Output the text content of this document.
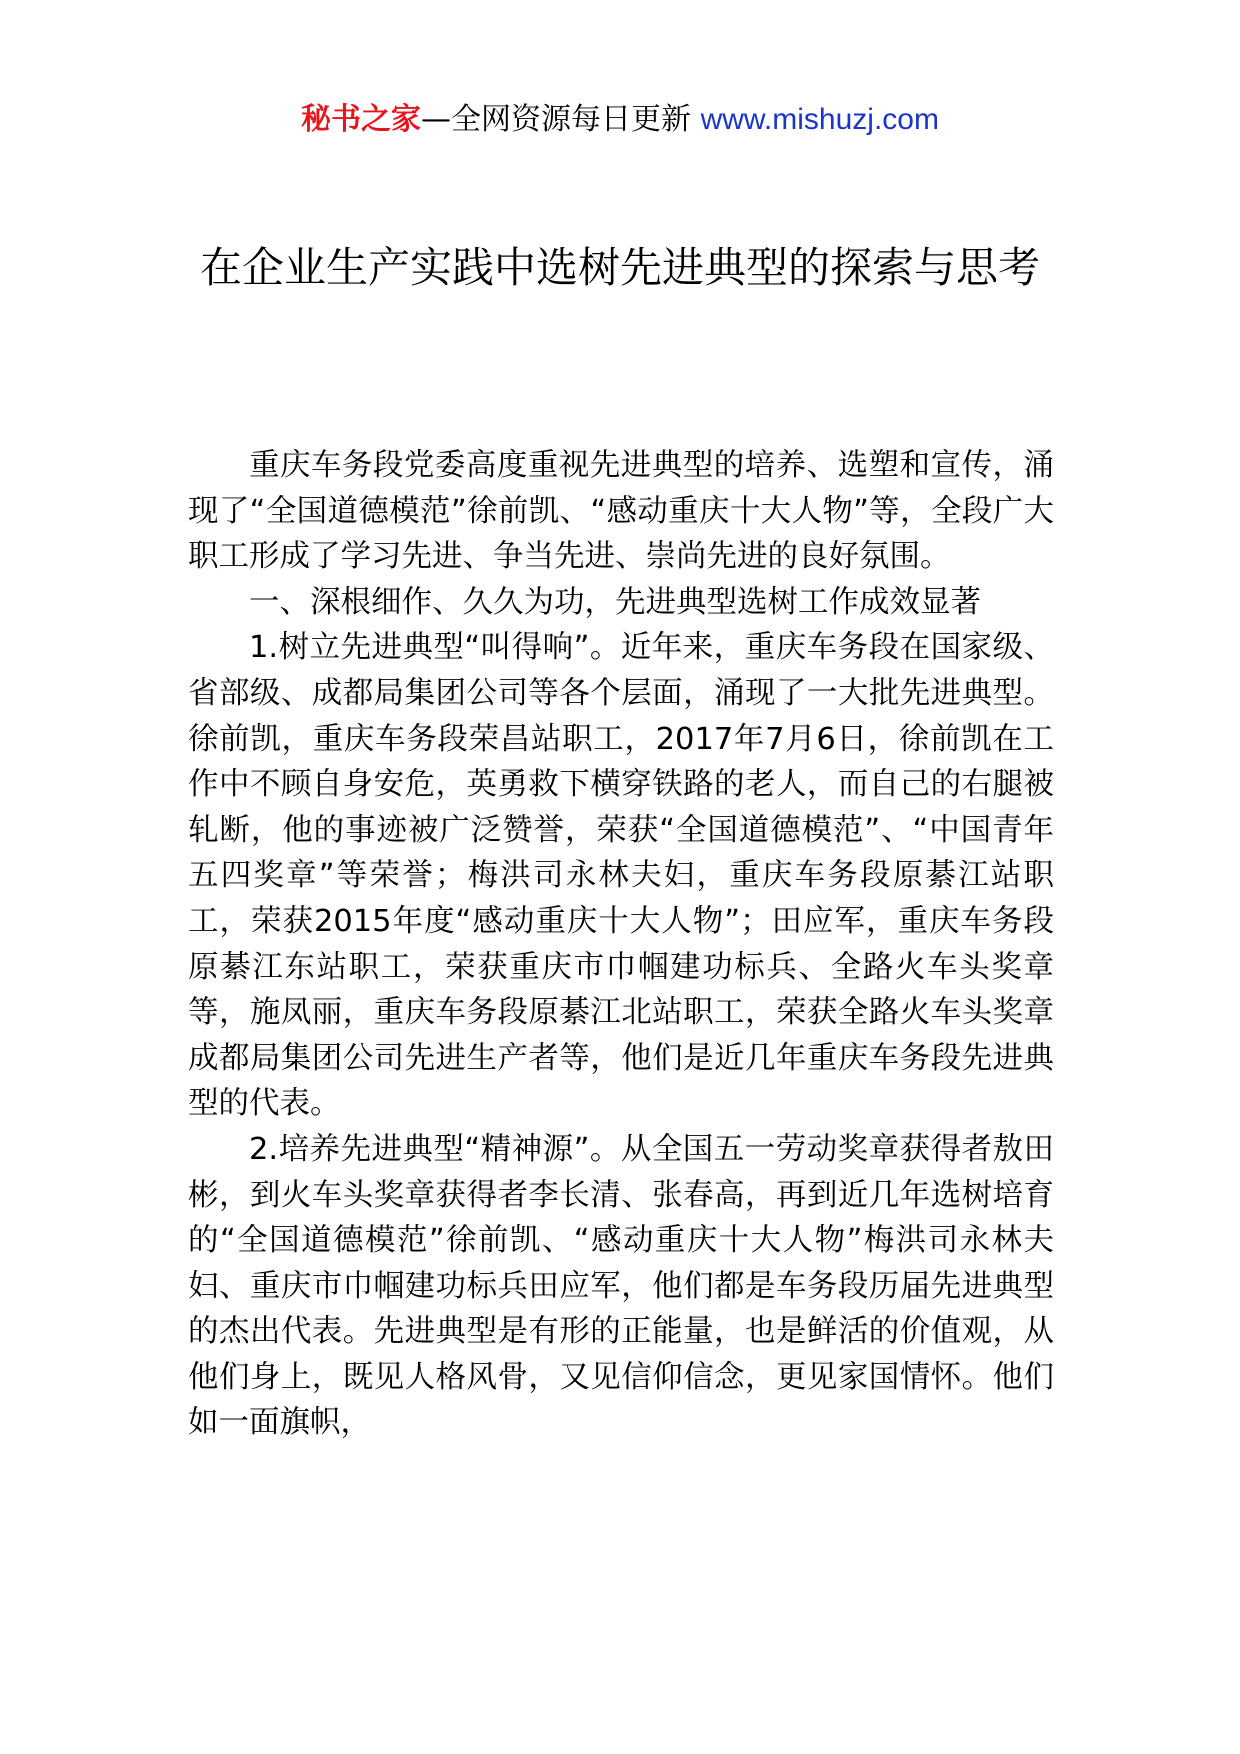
秘书之家—全网资源每日更新 www.mishuzj.com
在企业生产实践中选树先进典型的探索与思考

重庆车务段党委高度重视先进典型的培养、选塑和宣传，涌现了“全国道德模范”徐前凯、“感动重庆十大人物”等，全段广大职工形成了学习先进、争当先进、崇尚先进的良好氛围。

一、深根细作、久久为功，先进典型选树工作成效显著

1.树立先进典型“叫得响”。近年来，重庆车务段在国家级、省部级、成都局集团公司等各个层面，涌现了一大批先进典型。徐前凯，重庆车务段荣昌站职工，2017年7月6日，徐前凯在工作中不顾自身安危，英勇救下横穿铁路的老人，而自己的右腿被轧断，他的事迹被广泛赞誉，荣获“全国道德模范”、“中国青年五四奖章”等荣誉；梅洪司永林夫妇，重庆车务段原綦江站职工，荣获2015年度“感动重庆十大人物”；田应军，重庆车务段原綦江东站职工，荣获重庆市巾帼建功标兵、全路火车头奖章等，施凤丽，重庆车务段原綦江北站职工，荣获全路火车头奖章成都局集团公司先进生产者等，他们是近几年重庆车务段先进典型的代表。

2.培养先进典型“精神源”。从全国五一劳动奖章获得者敖田彬，到火车头奖章获得者李长清、张春高，再到近几年选树培育的“全国道德模范”徐前凯、“感动重庆十大人物”梅洪司永林夫妇、重庆市巾帼建功标兵田应军，他们都是车务段历届先进典型的杰出代表。先进典型是有形的正能量，也是鲜活的价值观，从他们身上，既见人格风骨，又见信仰信念，更见家国情怀。他们如一面旗帜，
